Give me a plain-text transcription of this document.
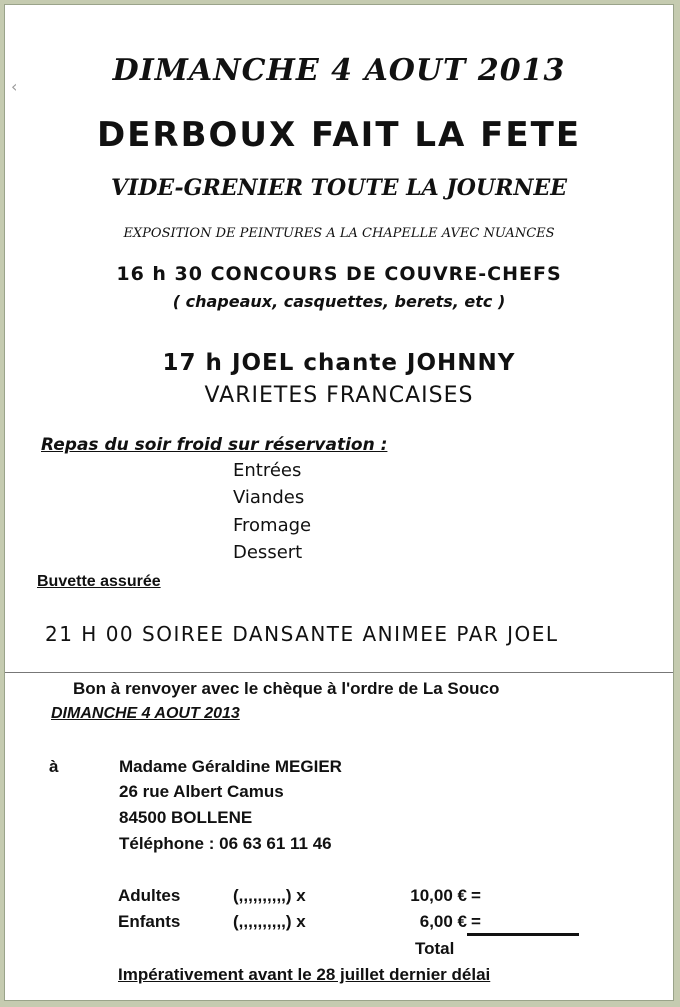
‹	DIMANCHE 4 AOUT 2013
DERBOUX FAIT LA FETE
VIDE-GRENIER TOUTE LA JOURNEE
EXPOSITION DE PEINTURES A LA CHAPELLE AVEC NUANCES
16 h 30 CONCOURS DE COUVRE-CHEFS
( chapeaux, casquettes, berets, etc )
17 h JOEL chante JOHNNY
VARIETES FRANCAISES
Repas du soir froid sur réservation :
Entrées
Viandes
Fromage
Dessert
Buvette assurée
21 H 00 SOIREE DANSANTE ANIMEE PAR JOEL
Bon à renvoyer avec le chèque à l'ordre de La Souco
DIMANCHE 4 AOUT 2013
à	Madame Géraldine MEGIER
26 rue Albert Camus
84500 BOLLENE
Téléphone : 06 63 61 11 46
Adultes	(,,,,,,,,,,) x	10,00 € =
Enfants	(,,,,,,,,,,) x	6,00 € =
Total
Impérativement avant le 28 juillet dernier délai
